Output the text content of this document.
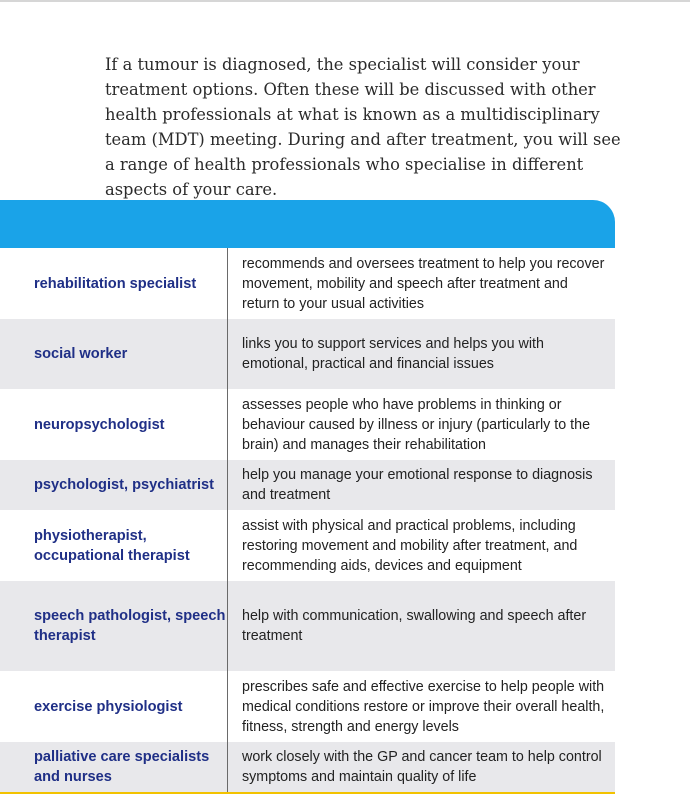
If a tumour is diagnosed, the specialist will consider your treatment options. Often these will be discussed with other health professionals at what is known as a multidisciplinary team (MDT) meeting. During and after treatment, you will see a range of health professionals who specialise in different aspects of your care.

rehabilitation specialist
recommends and oversees treatment to help you recover movement, mobility and speech after treatment and return to your usual activities
social worker
links you to support services and helps you with emotional, practical and financial issues
neuropsychologist
assesses people who have problems in thinking or behaviour caused by illness or injury (particularly to the brain) and manages their rehabilitation
psychologist, psychiatrist
help you manage your emotional response to diagnosis and treatment
physiotherapist, occupational therapist
assist with physical and practical problems, including restoring movement and mobility after treatment, and recommending aids, devices and equipment
speech pathologist, speech therapist
help with communication, swallowing and speech after treatment
exercise physiologist
prescribes safe and effective exercise to help people with medical conditions restore or improve their overall health, fitness, strength and energy levels
palliative care specialists and nurses
work closely with the GP and cancer team to help control symptoms and maintain quality of life
